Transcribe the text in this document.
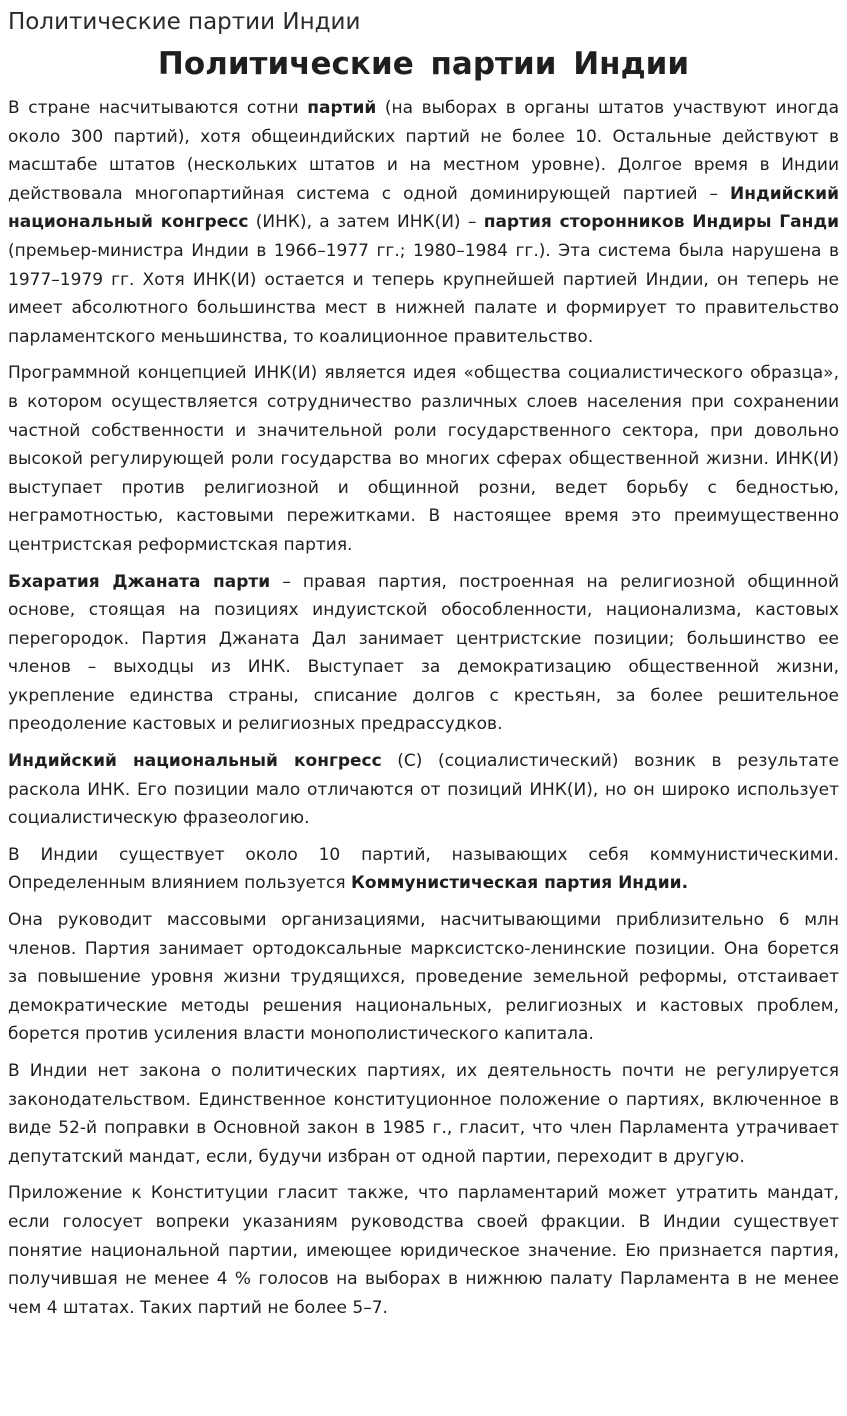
Политические партии Индии
Политические партии Индии

В стране насчитываются сотни партий (на выборах в органы штатов участвуют иногда около 300 партий), хотя общеиндийских партий не более 10. Остальные действуют в масштабе штатов (нескольких штатов и на местном уровне). Долгое время в Индии действовала многопартийная система с одной доминирующей партией – Индийский национальный конгресс (ИНК), а затем ИНК(И) – партия сторонников Индиры Ганди (премьер-министра Индии в 1966–1977 гг.; 1980–1984 гг.). Эта система была нарушена в 1977–1979 гг. Хотя ИНК(И) остается и теперь крупнейшей партией Индии, он теперь не имеет абсолютного большинства мест в нижней палате и формирует то правительство парламентского меньшинства, то коалиционное правительство.

Программной концепцией ИНК(И) является идея «общества социалистического образца», в котором осуществляется сотрудничество различных слоев населения при сохранении частной собственности и значительной роли государственного сектора, при довольно высокой регулирующей роли государства во многих сферах общественной жизни. ИНК(И) выступает против религиозной и общинной розни, ведет борьбу с бедностью, неграмотностью, кастовыми пережитками. В настоящее время это преимущественно центристская реформистская партия.

Бхаратия Джаната парти – правая партия, построенная на религиозной общинной основе, стоящая на позициях индуистской обособленности, национализма, кастовых перегородок. Партия Джаната Дал занимает центристские позиции; большинство ее членов – выходцы из ИНК. Выступает за демократизацию общественной жизни, укрепление единства страны, списание долгов с крестьян, за более решительное преодоление кастовых и религиозных предрассудков.

Индийский национальный конгресс (С) (социалистический) возник в результате раскола ИНК. Его позиции мало отличаются от позиций ИНК(И), но он широко использует социалистическую фразеологию.

В Индии существует около 10 партий, называющих себя коммунистическими. Определенным влиянием пользуется Коммунистическая партия Индии.

Она руководит массовыми организациями, насчитывающими приблизительно 6 млн членов. Партия занимает ортодоксальные марксистско-ленинские позиции. Она борется за повышение уровня жизни трудящихся, проведение земельной реформы, отстаивает демократические методы решения национальных, религиозных и кастовых проблем, борется против усиления власти монополистического капитала.

В Индии нет закона о политических партиях, их деятельность почти не регулируется законодательством. Единственное конституционное положение о партиях, включенное в виде 52-й поправки в Основной закон в 1985 г., гласит, что член Парламента утрачивает депутатский мандат, если, будучи избран от одной партии, переходит в другую.

Приложение к Конституции гласит также, что парламентарий может утратить мандат, если голосует вопреки указаниям руководства своей фракции. В Индии существует понятие национальной партии, имеющее юридическое значение. Ею признается партия, получившая не менее 4 % голосов на выборах в нижнюю палату Парламента в не менее чем 4 штатах. Таких партий не более 5–7.
